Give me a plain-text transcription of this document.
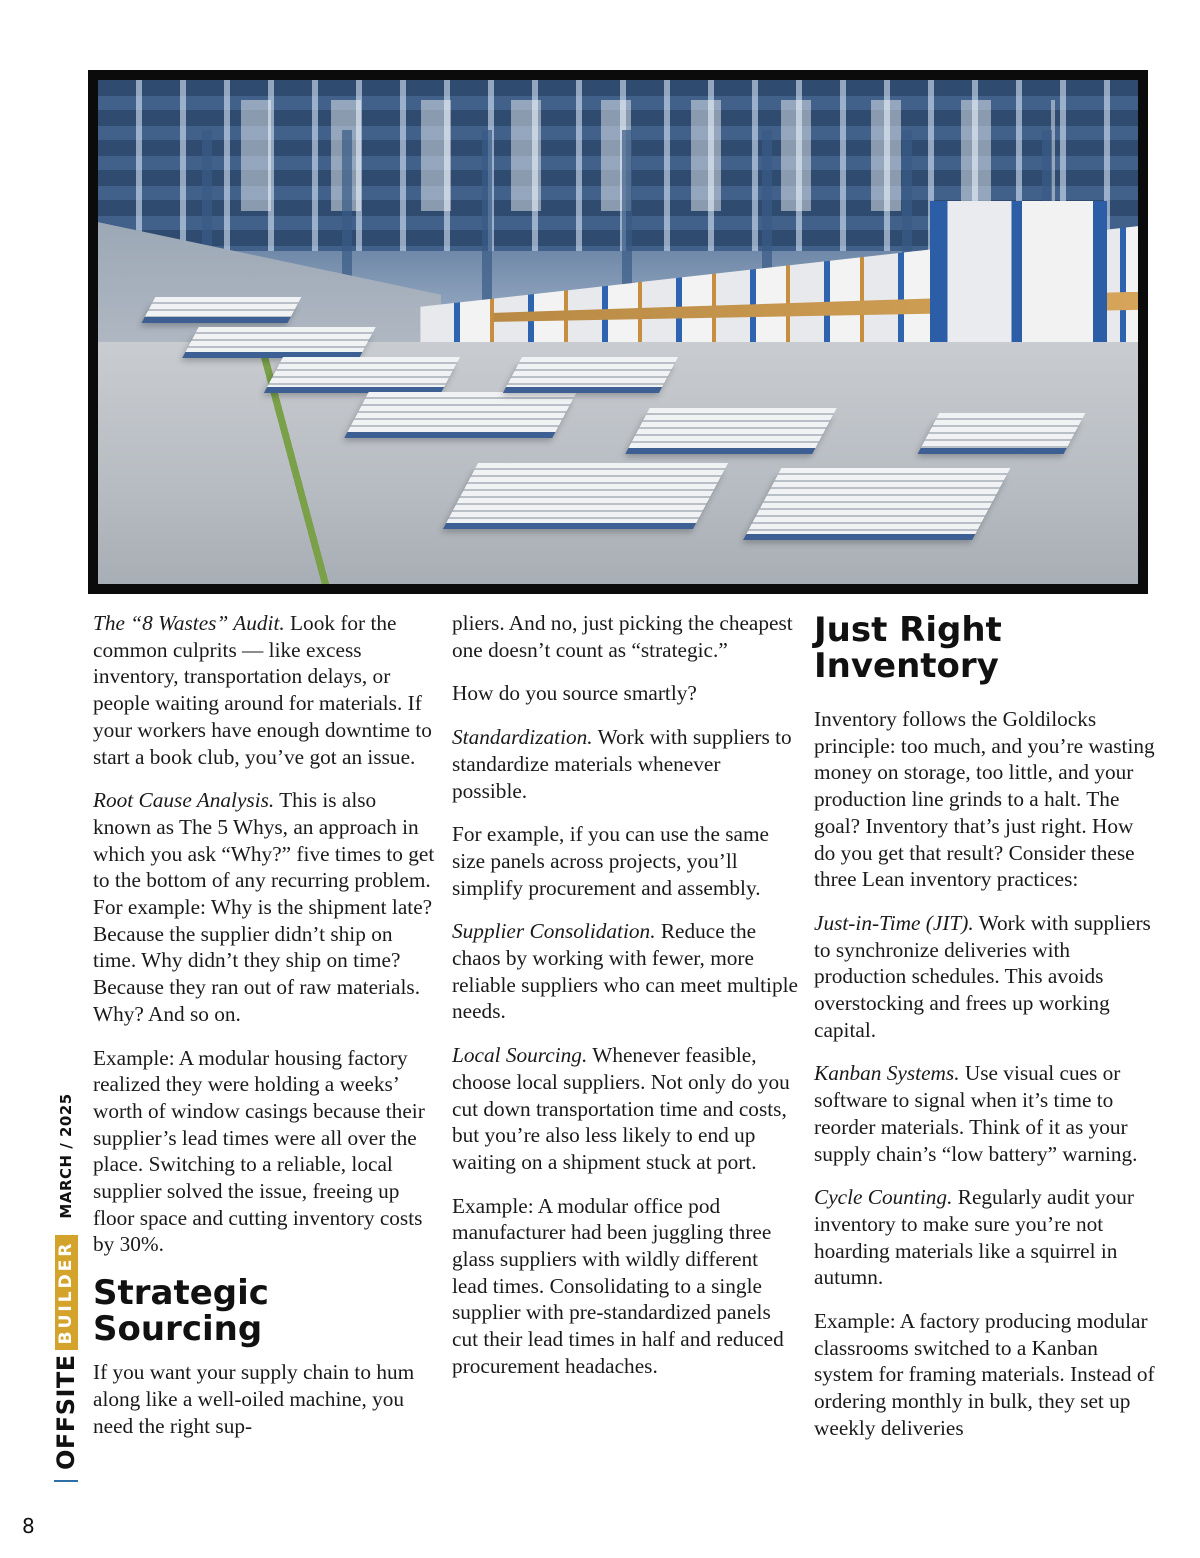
The “8 Wastes” Audit. Look for the common culprits — like excess inventory, transportation delays, or people waiting around for materials. If your workers have enough downtime to start a book club, you’ve got an issue.

Root Cause Analysis. This is also known as The 5 Whys, an approach in which you ask “Why?” five times to get to the bottom of any recurring problem. For example: Why is the shipment late? Because the supplier didn’t ship on time. Why didn’t they ship on time? Because they ran out of raw materials. Why? And so on.

Example: A modular housing factory realized they were holding a weeks’ worth of window casings because their supplier’s lead times were all over the place. Switching to a reliable, local supplier solved the issue, freeing up floor space and cutting inventory costs by 30%.

Strategic Sourcing

If you want your supply chain to hum along like a well-oiled machine, you need the right sup-

pliers. And no, just picking the cheapest one doesn’t count as “strategic.”

How do you source smartly?

Standardization. Work with suppliers to standardize materials whenever possible.

For example, if you can use the same size panels across projects, you’ll simplify procurement and assembly.

Supplier Consolidation. Reduce the chaos by working with fewer, more reliable suppliers who can meet multiple needs.

Local Sourcing. Whenever feasible, choose local suppliers. Not only do you cut down transportation time and costs, but you’re also less likely to end up waiting on a shipment stuck at port.

Example: A modular office pod manufacturer had been juggling three glass suppliers with wildly different lead times. Consolidating to a single supplier with pre-standardized panels cut their lead times in half and reduced procurement headaches.

Just Right Inventory

Inventory follows the Goldilocks principle: too much, and you’re wasting money on storage, too little, and your production line grinds to a halt. The goal? Inventory that’s just right. How do you get that result? Consider these three Lean inventory practices:

Just-in-Time (JIT). Work with suppliers to synchronize deliveries with production schedules. This avoids overstocking and frees up working capital.

Kanban Systems. Use visual cues or software to signal when it’s time to reorder materials. Think of it as your supply chain’s “low battery” warning.

Cycle Counting. Regularly audit your inventory to make sure you’re not hoarding materials like a squirrel in autumn.

Example: A factory producing modular classrooms switched to a Kanban system for framing materials. Instead of ordering monthly in bulk, they set up weekly deliveries

OFFSITE
BUILDER
MARCH / 2025
8
